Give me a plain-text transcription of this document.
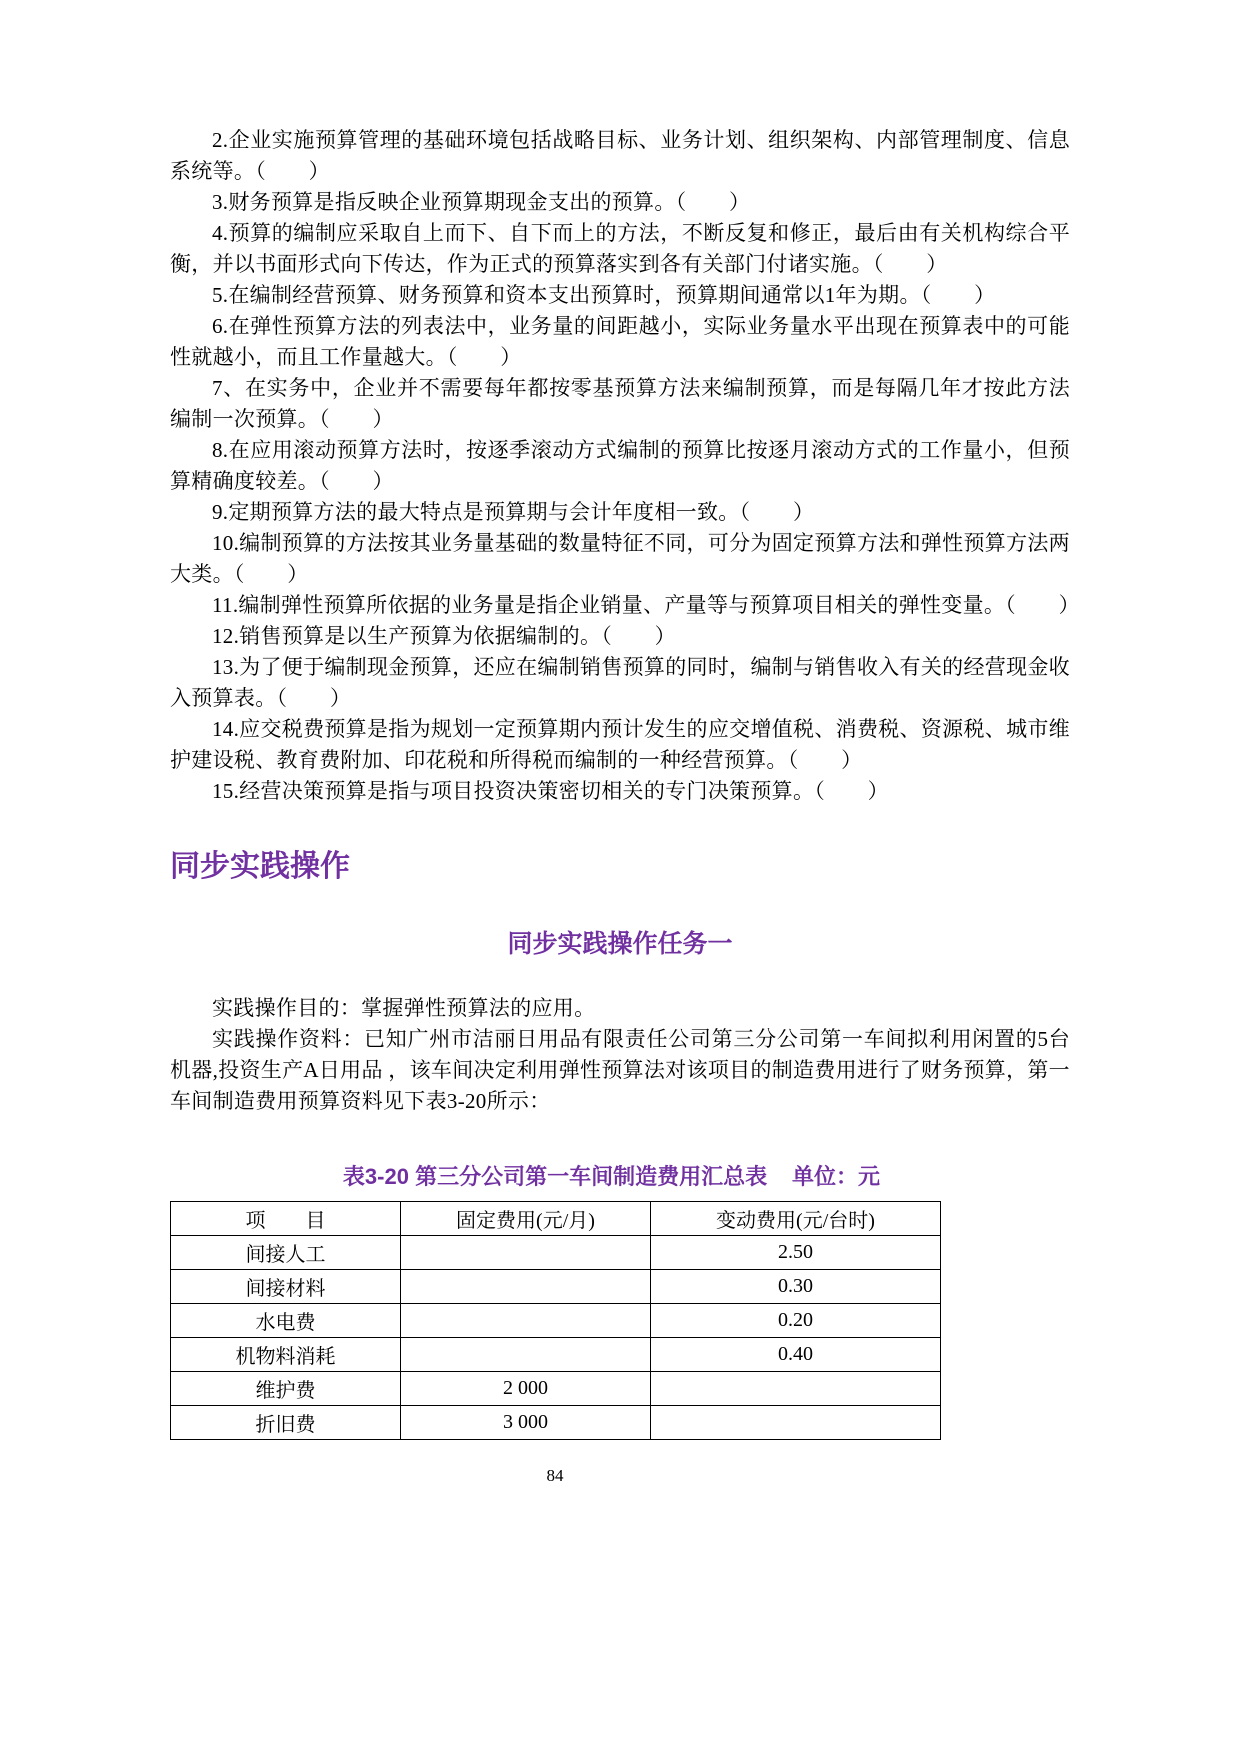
2.企业实施预算管理的基础环境包括战略目标、业务计划、组织架构、内部管理制度、信息系统等。（　　）

3.财务预算是指反映企业预算期现金支出的预算。（　　）

4.预算的编制应采取自上而下、自下而上的方法，不断反复和修正，最后由有关机构综合平衡，并以书面形式向下传达，作为正式的预算落实到各有关部门付诸实施。（　　）

5.在编制经营预算、财务预算和资本支出预算时，预算期间通常以1年为期。（　　）

6.在弹性预算方法的列表法中，业务量的间距越小，实际业务量水平出现在预算表中的可能性就越小，而且工作量越大。（　　）

7、在实务中，企业并不需要每年都按零基预算方法来编制预算，而是每隔几年才按此方法编制一次预算。（　　）

8.在应用滚动预算方法时，按逐季滚动方式编制的预算比按逐月滚动方式的工作量小，但预算精确度较差。（　　）

9.定期预算方法的最大特点是预算期与会计年度相一致。（　　）

10.编制预算的方法按其业务量基础的数量特征不同，可分为固定预算方法和弹性预算方法两大类。（　　）

11.编制弹性预算所依据的业务量是指企业销量、产量等与预算项目相关的弹性变量。（　　）

12.销售预算是以生产预算为依据编制的。（　　）

13.为了便于编制现金预算，还应在编制销售预算的同时，编制与销售收入有关的经营现金收入预算表。（　　）

14.应交税费预算是指为规划一定预算期内预计发生的应交增值税、消费税、资源税、城市维护建设税、教育费附加、印花税和所得税而编制的一种经营预算。（　　）

15.经营决策预算是指与项目投资决策密切相关的专门决策预算。（　　）

同步实践操作
同步实践操作任务一

实践操作目的：掌握弹性预算法的应用。

实践操作资料：已知广州市洁丽日用品有限责任公司第三分公司第一车间拟利用闲置的5台机器,投资生产A日用品 ，该车间决定利用弹性预算法对该项目的制造费用进行了财务预算，第一车间制造费用预算资料见下表3-20所示：

表3-20 第三分公司第一车间制造费用汇总表 单位：元
项　　目	固定费用(元/月)	变动费用(元/台时)
间接人工		2.50
间接材料		0.30
水电费		0.20
机物料消耗		0.40
维护费	2 000	
折旧费	3 000	
84
